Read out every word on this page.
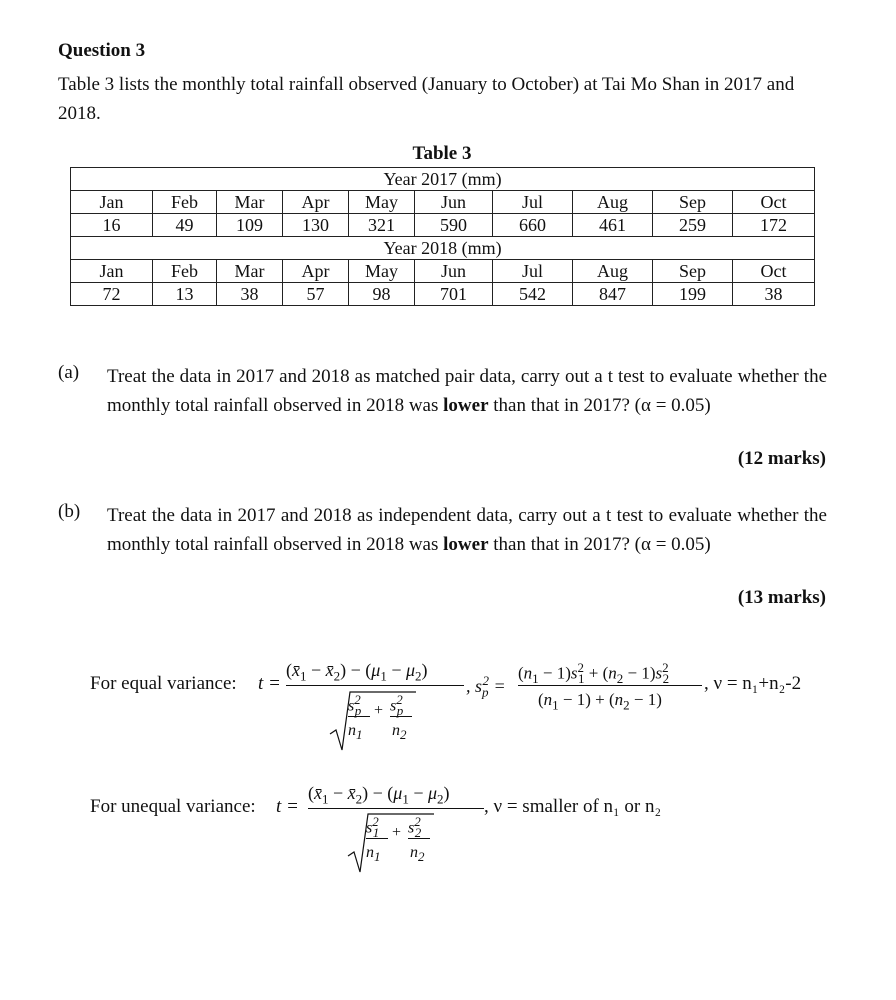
Question 3
Table 3 lists the monthly total rainfall observed (January to October) at Tai Mo Shan in 2017 and 2018.
Table 3
Year 2017 (mm)									
Jan	Feb	Mar	Apr	May	Jun	Jul	Aug	Sep	Oct
16	49	109	130	321	590	660	461	259	172
Year 2018 (mm)									
Jan	Feb	Mar	Apr	May	Jun	Jul	Aug	Sep	Oct
72	13	38	57	98	701	542	847	199	38
(a) Treat the data in 2017 and 2018 as matched pair data, carry out a t test to evaluate whether the monthly total rainfall observed in 2018 was lower than that in 2017? (α = 0.05)
(12 marks)
(b) Treat the data in 2017 and 2018 as independent data, carry out a t test to evaluate whether the monthly total rainfall observed in 2018 was lower than that in 2017? (α = 0.05)
(13 marks)
For equal variance: t =
($x̄_1$ − $x̄_2) - (\mu_1 - \mu_2)$
$s^2_p + s^2_p$
$n_1$ $n_2$
, $s_p^2$ =
$(n_1 - 1)s^2_1 + (n_2 - 1)s^2_2$
$(n_1 - 1) + (n_2 - 1)$
, ν = n₁+n₂-2
For unequal variance: t =
($x̄_1$ − $x̄_2) - (\mu_1 - \mu_2)$
$s^2_1 + s^2_2$
$n_1$ $n_2$
, ν = smaller of n₁ or n₂
